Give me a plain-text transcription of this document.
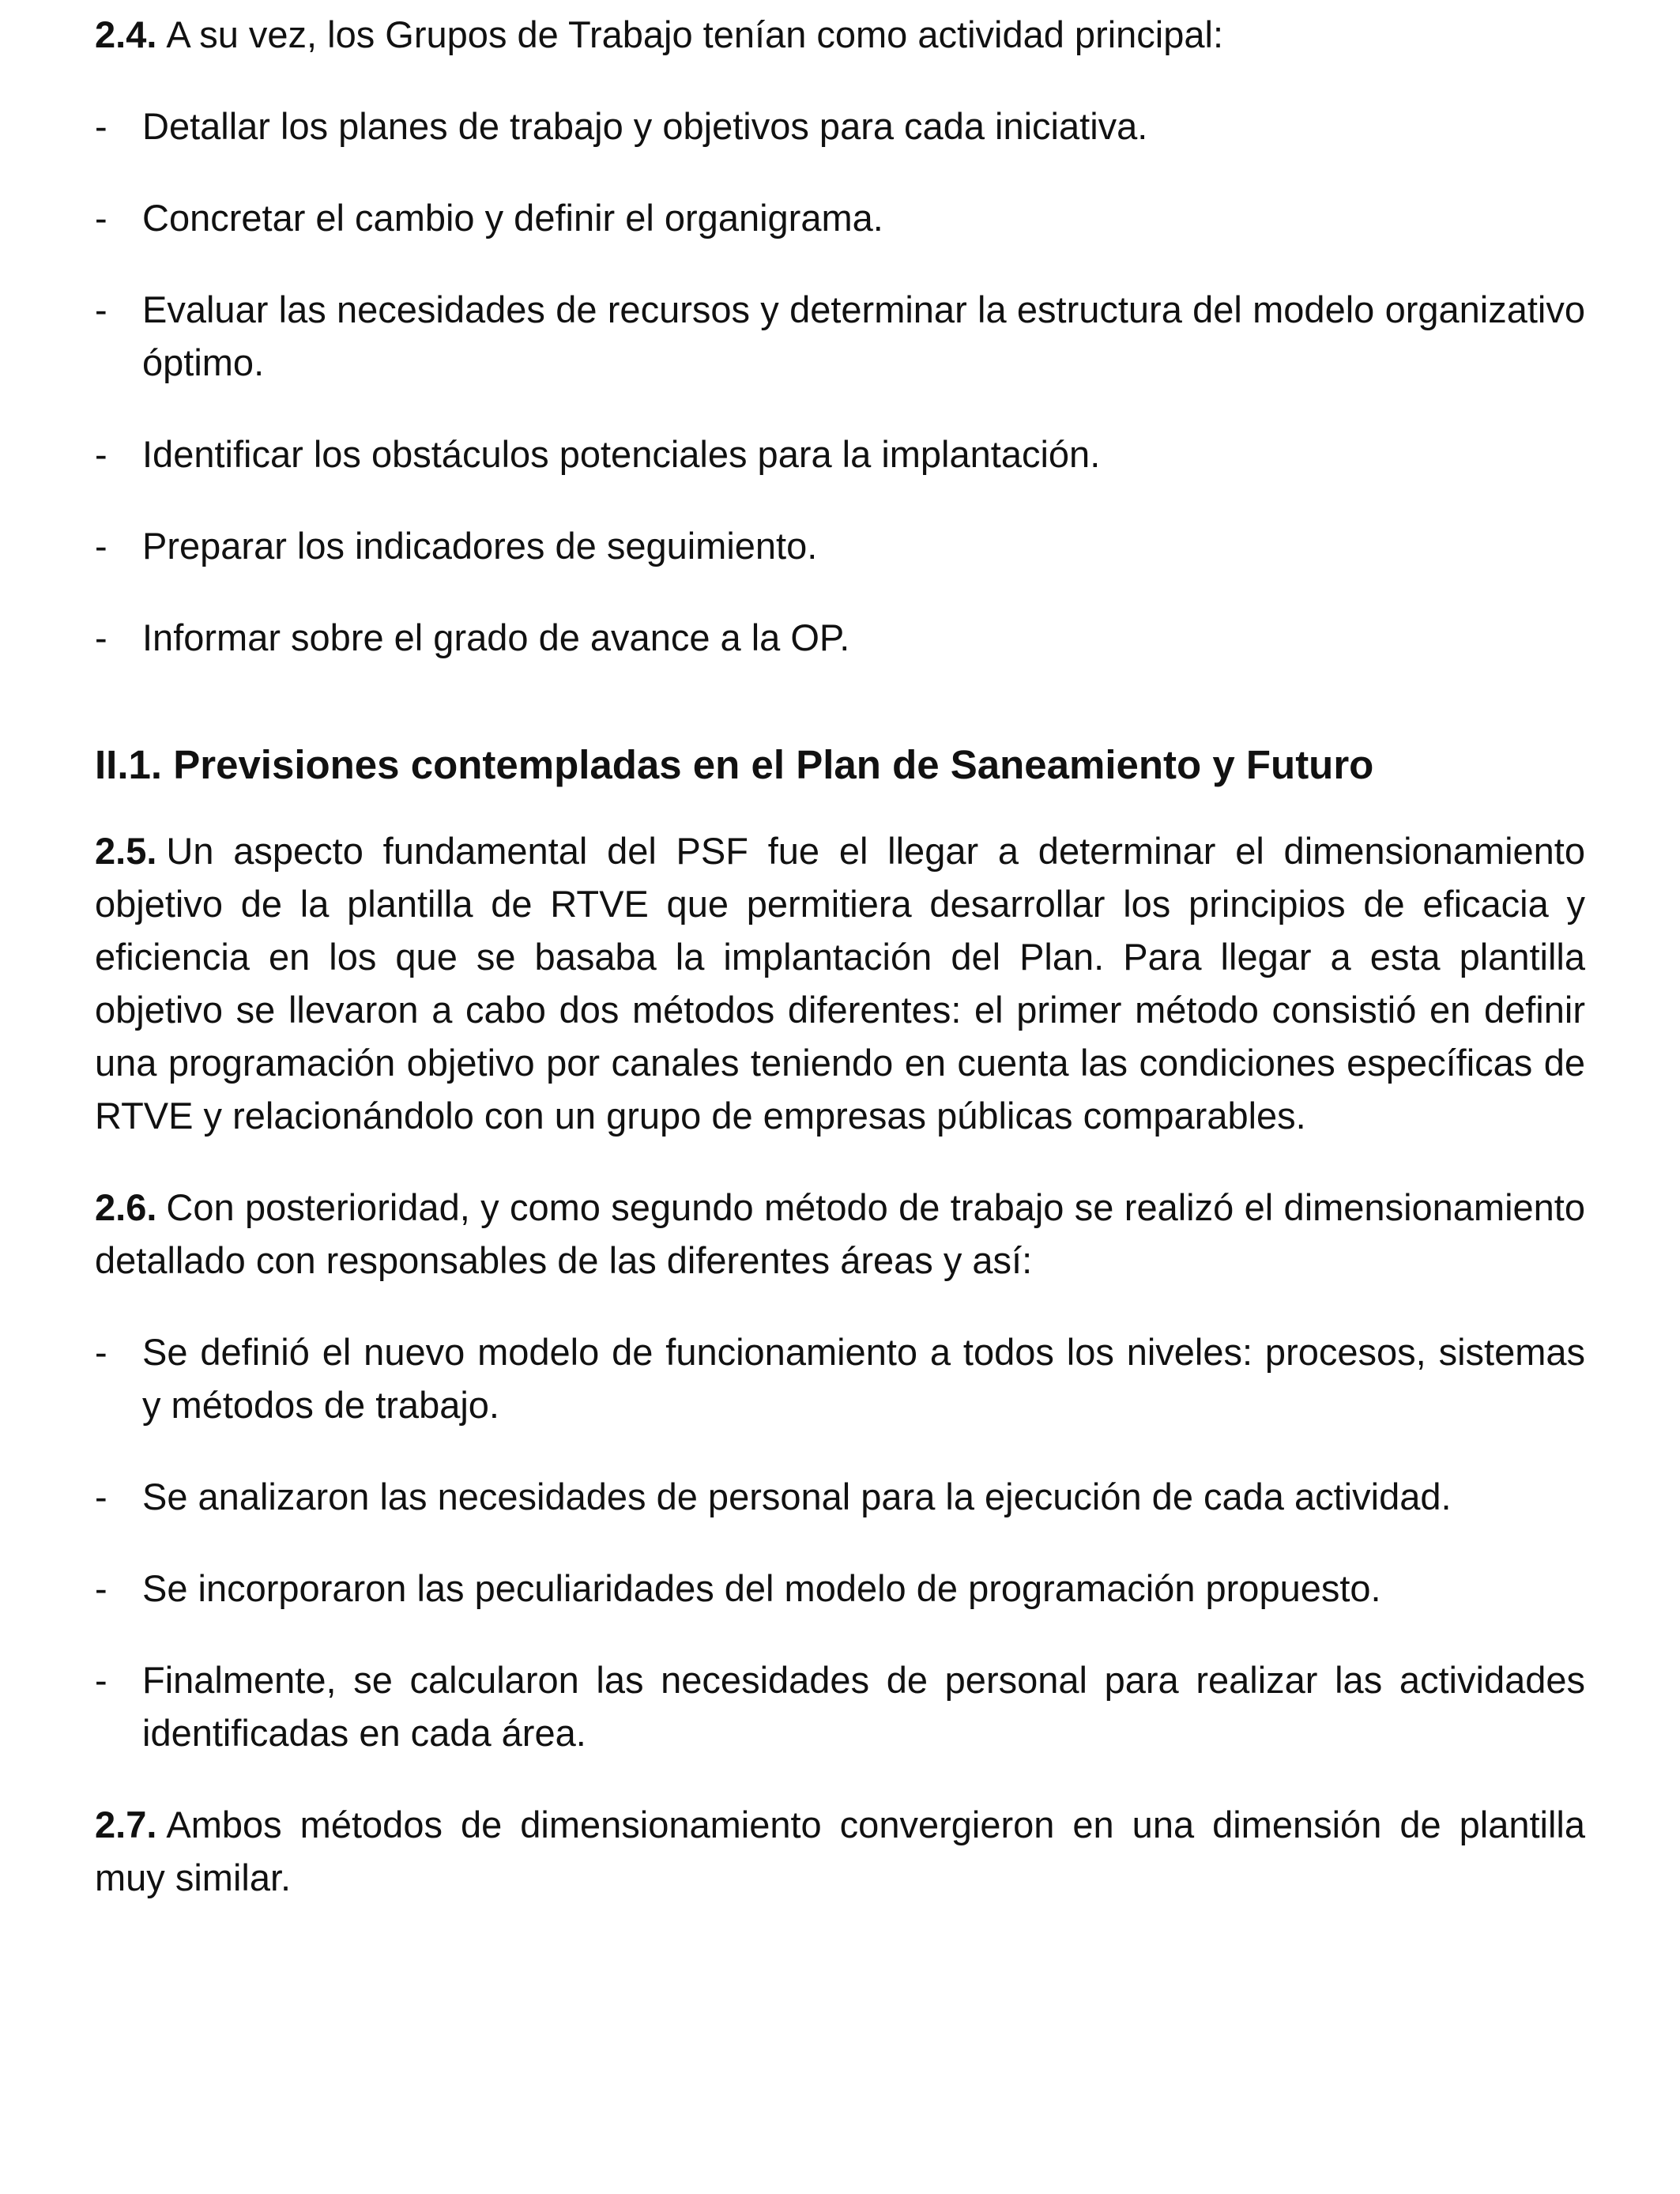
2.4. A su vez, los Grupos de Trabajo tenían como actividad principal:

- Detallar los planes de trabajo y objetivos para cada iniciativa.
- Concretar el cambio y definir el organigrama.
- Evaluar las necesidades de recursos y determinar la estructura del modelo organizativo óptimo.
- Identificar los obstáculos potenciales para la implantación.
- Preparar los indicadores de seguimiento.
- Informar sobre el grado de avance a la OP.
II.1. Previsiones contempladas en el Plan de Saneamiento y Futuro

2.5. Un aspecto fundamental del PSF fue el llegar a determinar el dimensionamiento objetivo de la plantilla de RTVE que permitiera desarrollar los principios de eficacia y eficiencia en los que se basaba la implantación del Plan. Para llegar a esta plantilla objetivo se llevaron a cabo dos métodos diferentes: el primer método consistió en definir una programación objetivo por canales teniendo en cuenta las condiciones específicas de RTVE y relacionándolo con un grupo de empresas públicas comparables.

2.6. Con posterioridad, y como segundo método de trabajo se realizó el dimensionamiento detallado con responsables de las diferentes áreas y así:

- Se definió el nuevo modelo de funcionamiento a todos los niveles: procesos, sistemas y métodos de trabajo.
- Se analizaron las necesidades de personal para la ejecución de cada actividad.
- Se incorporaron las peculiaridades del modelo de programación propuesto.
- Finalmente, se calcularon las necesidades de personal para realizar las actividades identificadas en cada área.

2.7. Ambos métodos de dimensionamiento convergieron en una dimensión de plantilla muy similar.
